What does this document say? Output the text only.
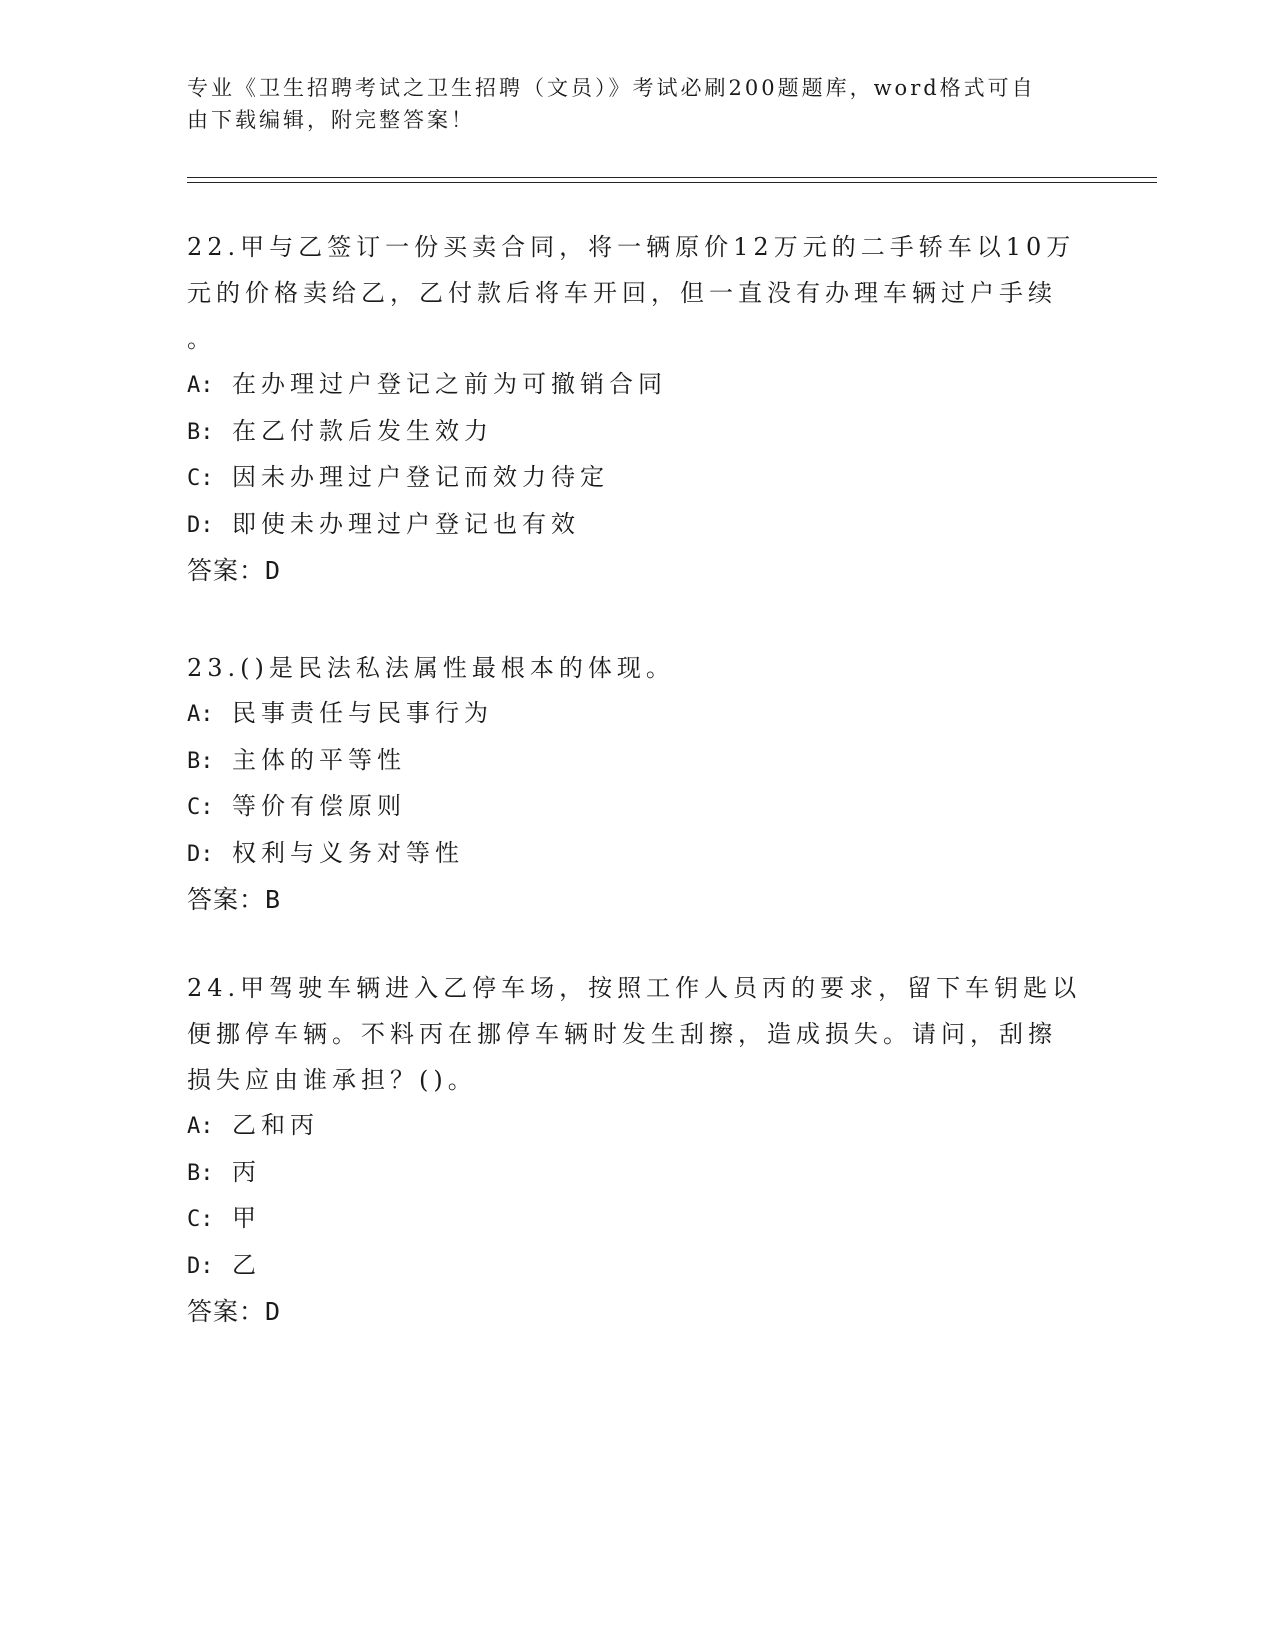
专业《卫生招聘考试之卫生招聘（文员）》考试必刷200题题库，word格式可自
由下载编辑，附完整答案！

22.甲与乙签订一份买卖合同，将一辆原价12万元的二手轿车以10万

元的价格卖给乙，乙付款后将车开回，但一直没有办理车辆过户手续

。

A: 在办理过户登记之前为可撤销合同

B: 在乙付款后发生效力

C: 因未办理过户登记而效力待定

D: 即使未办理过户登记也有效

答案：D

23.()是民法私法属性最根本的体现。

A: 民事责任与民事行为

B: 主体的平等性

C: 等价有偿原则

D: 权利与义务对等性

答案：B

24.甲驾驶车辆进入乙停车场，按照工作人员丙的要求，留下车钥匙以

便挪停车辆。不料丙在挪停车辆时发生刮擦，造成损失。请问，刮擦

损失应由谁承担？()。

A: 乙和丙

B: 丙

C: 甲

D: 乙

答案：D
